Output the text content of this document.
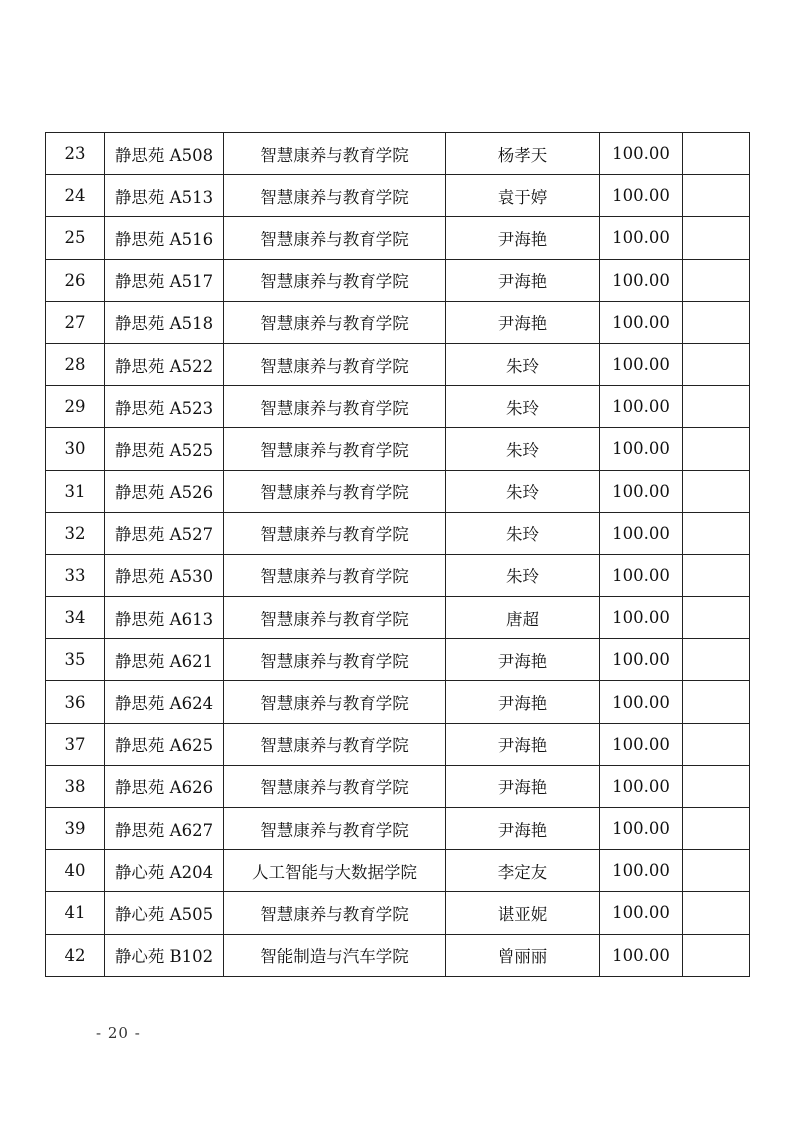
23	静思苑 A508	智慧康养与教育学院	杨孝天	100.00	
24	静思苑 A513	智慧康养与教育学院	袁于婷	100.00	
25	静思苑 A516	智慧康养与教育学院	尹海艳	100.00	
26	静思苑 A517	智慧康养与教育学院	尹海艳	100.00	
27	静思苑 A518	智慧康养与教育学院	尹海艳	100.00	
28	静思苑 A522	智慧康养与教育学院	朱玲	100.00	
29	静思苑 A523	智慧康养与教育学院	朱玲	100.00	
30	静思苑 A525	智慧康养与教育学院	朱玲	100.00	
31	静思苑 A526	智慧康养与教育学院	朱玲	100.00	
32	静思苑 A527	智慧康养与教育学院	朱玲	100.00	
33	静思苑 A530	智慧康养与教育学院	朱玲	100.00	
34	静思苑 A613	智慧康养与教育学院	唐超	100.00	
35	静思苑 A621	智慧康养与教育学院	尹海艳	100.00	
36	静思苑 A624	智慧康养与教育学院	尹海艳	100.00	
37	静思苑 A625	智慧康养与教育学院	尹海艳	100.00	
38	静思苑 A626	智慧康养与教育学院	尹海艳	100.00	
39	静思苑 A627	智慧康养与教育学院	尹海艳	100.00	
40	静心苑 A204	人工智能与大数据学院	李定友	100.00	
41	静心苑 A505	智慧康养与教育学院	谌亚妮	100.00	
42	静心苑 B102	智能制造与汽车学院	曾丽丽	100.00	
- 20 -
